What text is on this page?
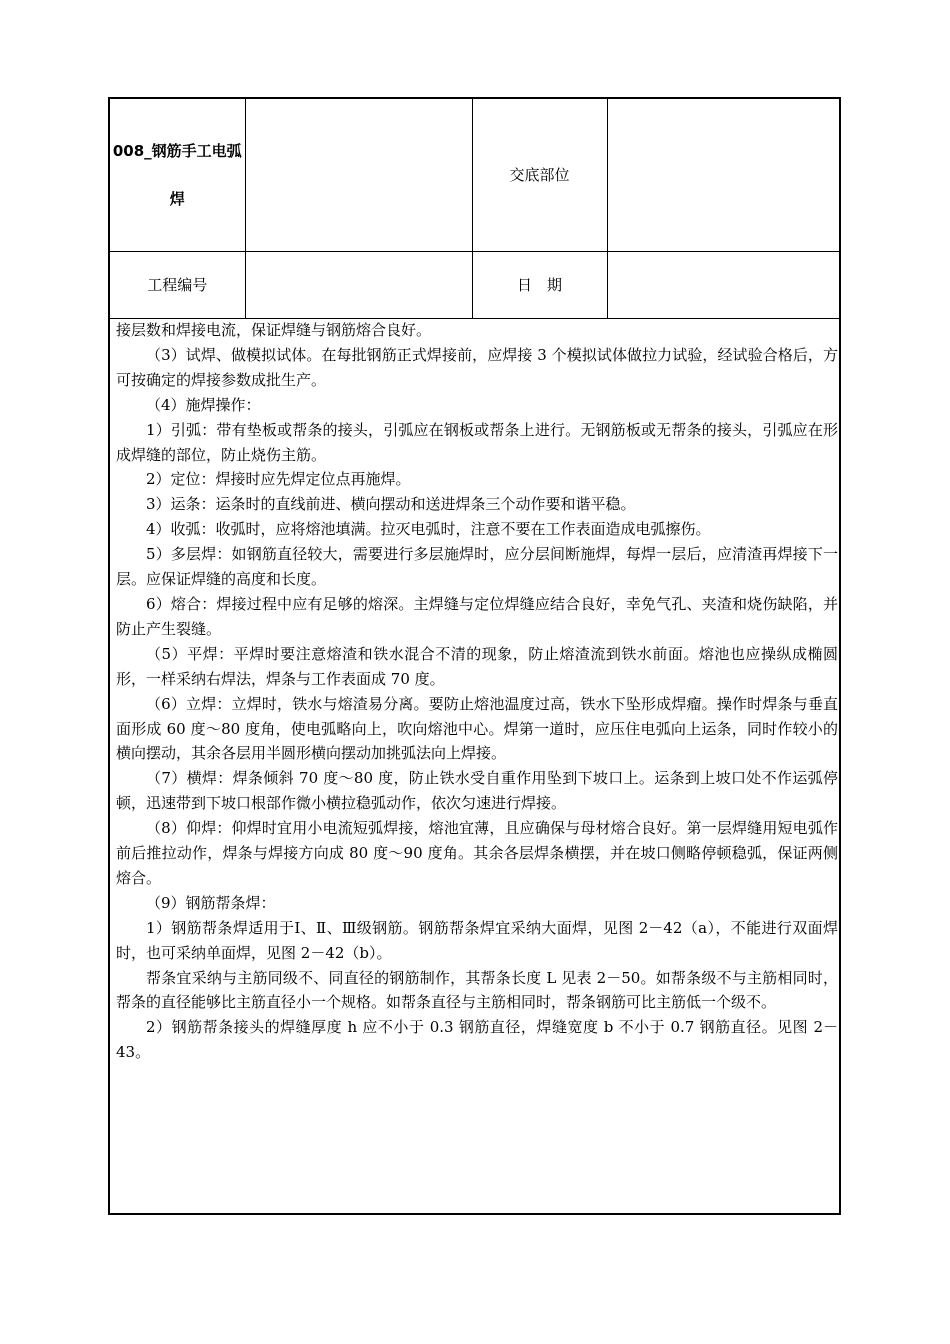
008_钢筋手工电弧焊		交底部位	
工程编号		日　期	

接层数和焊接电流，保证焊缝与钢筋熔合良好。

（3）试焊、做模拟试体。在每批钢筋正式焊接前，应焊接 3 个模拟试体做拉力试验，经试验合格后，方可按确定的焊接参数成批生产。

（4）施焊操作：

1）引弧：带有垫板或帮条的接头，引弧应在钢板或帮条上进行。无钢筋板或无帮条的接头，引弧应在形成焊缝的部位，防止烧伤主筋。

2）定位：焊接时应先焊定位点再施焊。

3）运条：运条时的直线前进、横向摆动和送进焊条三个动作要和谐平稳。

4）收弧：收弧时，应将熔池填满。拉灭电弧时，注意不要在工作表面造成电弧擦伤。

5）多层焊：如钢筋直径较大，需要进行多层施焊时，应分层间断施焊，每焊一层后，应清渣再焊接下一层。应保证焊缝的高度和长度。

6）熔合：焊接过程中应有足够的熔深。主焊缝与定位焊缝应结合良好，幸免气孔、夹渣和烧伤缺陷，并防止产生裂缝。

（5）平焊：平焊时要注意熔渣和铁水混合不清的现象，防止熔渣流到铁水前面。熔池也应操纵成椭圆形，一样采纳右焊法，焊条与工作表面成 70 度。

（6）立焊：立焊时，铁水与熔渣易分离。要防止熔池温度过高，铁水下坠形成焊瘤。操作时焊条与垂直面形成 60 度～80 度角，使电弧略向上，吹向熔池中心。焊第一道时，应压住电弧向上运条，同时作较小的横向摆动，其余各层用半圆形横向摆动加挑弧法向上焊接。

（7）横焊：焊条倾斜 70 度～80 度，防止铁水受自重作用坠到下坡口上。运条到上坡口处不作运弧停顿，迅速带到下坡口根部作微小横拉稳弧动作，依次匀速进行焊接。

（8）仰焊：仰焊时宜用小电流短弧焊接，熔池宜薄，且应确保与母材熔合良好。第一层焊缝用短电弧作前后推拉动作，焊条与焊接方向成 80 度～90 度角。其余各层焊条横摆，并在坡口侧略停顿稳弧，保证两侧熔合。

（9）钢筋帮条焊：

1）钢筋帮条焊适用于Ⅰ、Ⅱ、Ⅲ级钢筋。钢筋帮条焊宜采纳大面焊，见图 2－42（a），不能进行双面焊时，也可采纳单面焊，见图 2－42（b）。

帮条宜采纳与主筋同级不、同直径的钢筋制作，其帮条长度 L 见表 2－50。如帮条级不与主筋相同时，帮条的直径能够比主筋直径小一个规格。如帮条直径与主筋相同时，帮条钢筋可比主筋低一个级不。

2）钢筋帮条接头的焊缝厚度 h 应不小于 0.3 钢筋直径，焊缝宽度 b 不小于 0.7 钢筋直径。见图 2－43。
